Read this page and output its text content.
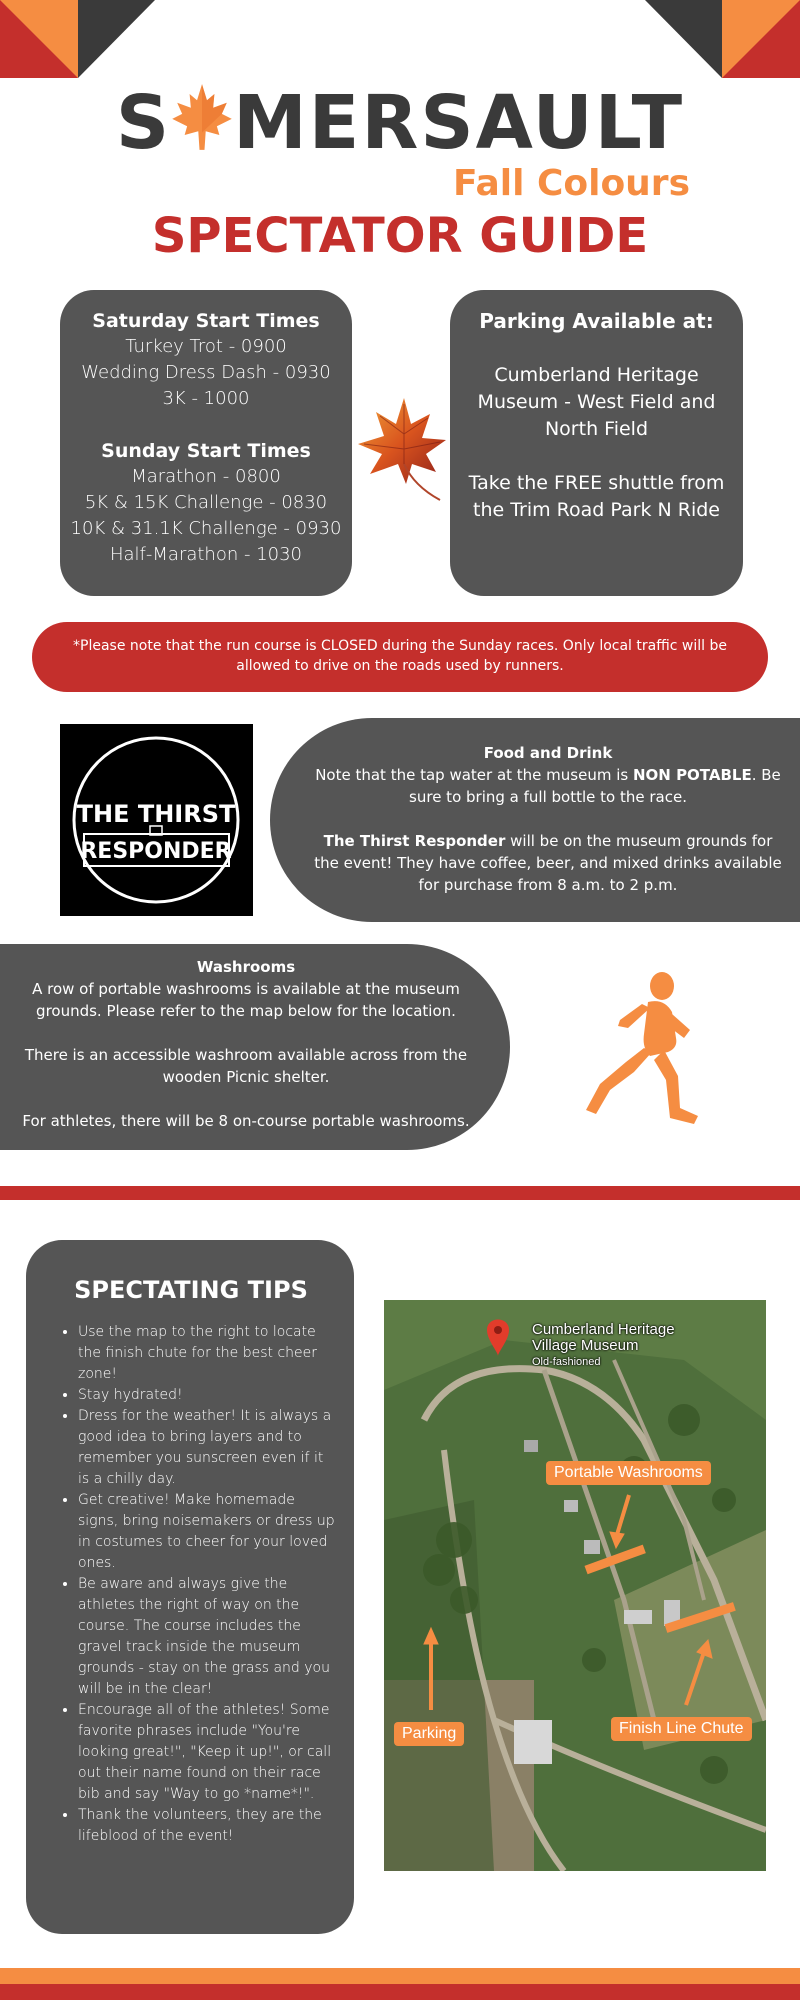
S MERSAULT
Fall Colours
SPECTATOR GUIDE
Saturday Start Times
Turkey Trot - 0900
Wedding Dress Dash - 0930
3K - 1000
Sunday Start Times
Marathon - 0800
5K & 15K Challenge - 0830
10K & 31.1K Challenge - 0930
Half-Marathon - 1030
Parking Available at:

Cumberland Heritage Museum - West Field and North Field

Take the FREE shuttle from the Trim Road Park N Ride

*Please note that the run course is CLOSED during the Sunday races. Only local traffic will be allowed to drive on the roads used by runners.
THE THIRST
RESPONDER
Food and Drink

Note that the tap water at the museum is NON POTABLE. Be sure to bring a full bottle to the race.

The Thirst Responder will be on the museum grounds for the event! They have coffee, beer, and mixed drinks available for purchase from 8 a.m. to 2 p.m.

Washrooms

A row of portable washrooms is available at the museum grounds. Please refer to the map below for the location.

There is an accessible washroom available across from the wooden Picnic shelter.

For athletes, there will be 8 on-course portable washrooms.

SPECTATING TIPS
• Use the map to the right to locate the finish chute for the best cheer zone!
• Stay hydrated!
• Dress for the weather! It is always a good idea to bring layers and to remember you sunscreen even if it is a chilly day.
• Get creative! Make homemade signs, bring noisemakers or dress up in costumes to cheer for your loved ones.
• Be aware and always give the athletes the right of way on the course. The course includes the gravel track inside the museum grounds - stay on the grass and you will be in the clear!
• Encourage all of the athletes! Some favorite phrases include "You're looking great!", "Keep it up!", or call out their name found on their race bib and say "Way to go *name*!".
• Thank the volunteers, they are the lifeblood of the event!
Cumberland Heritage
Village Museum
Old-fashioned
Portable Washrooms
Parking	Finish Line Chute
